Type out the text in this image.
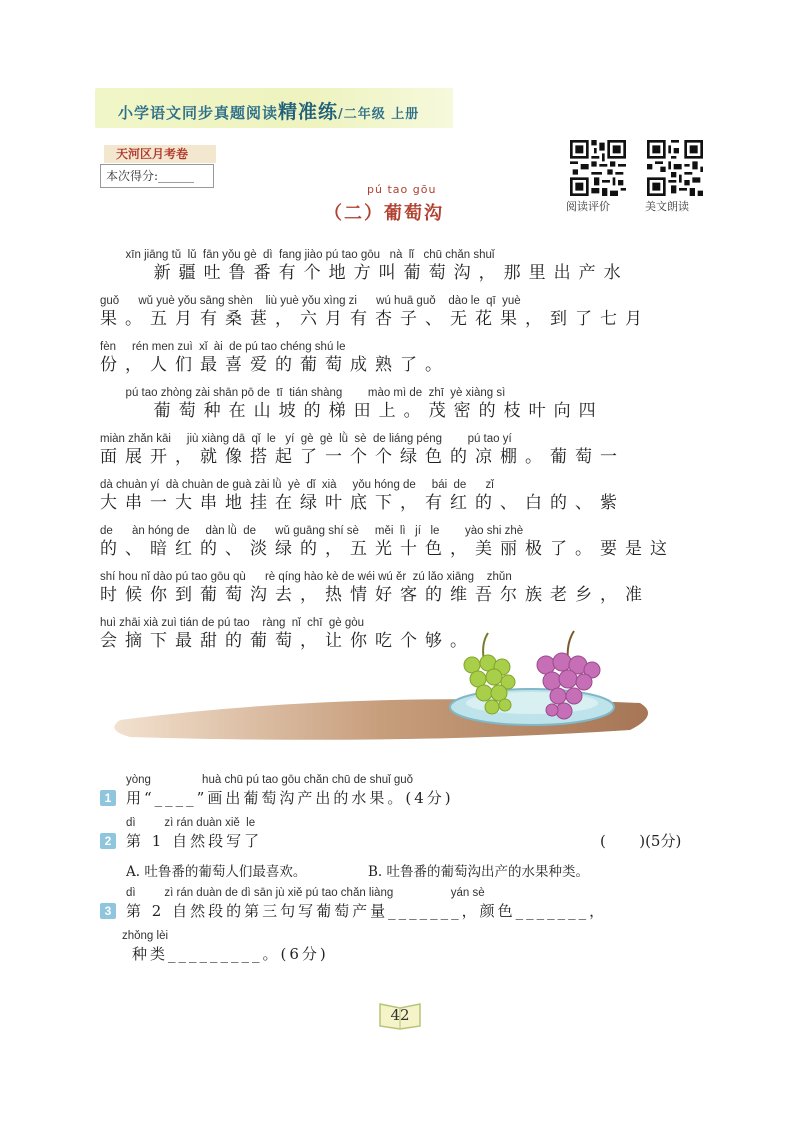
小学语文同步真题阅读精准练/二年级 上册
天河区月考卷
本次得分:______
阅读评价	美文朗读
pú tao gōu
（二）葡萄沟
xīn jiāng tǔ  lǔ  fān yǒu gè  dì  fang jiào pú tao gōu   nà  lǐ   chū chǎn shuǐ
新疆吐鲁番有个地方叫葡萄沟，那里出产水
guǒ      wǔ yuè yǒu sāng shèn    liù yuè yǒu xìng zi      wú huā guǒ    dào le  qī  yuè
果。五月有桑葚，六月有杏子、无花果，到了七月
fèn     rén men zuì  xǐ  ài  de pú tao chéng shú le
份，人们最喜爱的葡萄成熟了。
pú tao zhòng zài shān pō de  tī  tián shàng        mào mì de  zhī  yè xiàng sì
葡萄种在山坡的梯田上。茂密的枝叶向四
miàn zhǎn kāi     jiù xiàng dā  qǐ  le   yí  gè  gè  lǜ  sè  de liáng péng        pú tao yí
面展开，就像搭起了一个个绿色的凉棚。葡萄一
dà chuàn yí  dà chuàn de guà zài lǜ  yè  dǐ  xià     yǒu hóng de     bái  de      zǐ
大串一大串地挂在绿叶底下，有红的、白的、紫
de      àn hóng de     dàn lǜ  de      wǔ guāng shí sè     měi  lì   jí   le        yào shi zhè
的、暗红的、淡绿的，五光十色，美丽极了。要是这
shí hou nǐ dào pú tao gōu qù      rè qíng hào kè de wéi wú ěr  zú lǎo xiāng    zhǔn
时候你到葡萄沟去，热情好客的维吾尔族老乡，准
huì zhāi xià zuì tián de pú tao    ràng  nǐ  chī  gè gòu
会摘下最甜的葡萄，让你吃个够。
yòng                huà chū pú tao gōu chǎn chū de shuǐ guǒ
1 用“____”画出葡萄沟产出的水果。(4分)
dì         zì rán duàn xiě  le
2 第 1 自然段写了	(       )(5分)
A. 吐鲁番的葡萄人们最喜欢。	B. 吐鲁番的葡萄沟出产的水果种类。
dì         zì rán duàn de dì sān jù xiě pú tao chǎn liàng                  yán sè
3 第 2 自然段的第三句写葡萄产量_______，颜色_______，
zhǒng lèi
种类_________。(6分)
42
